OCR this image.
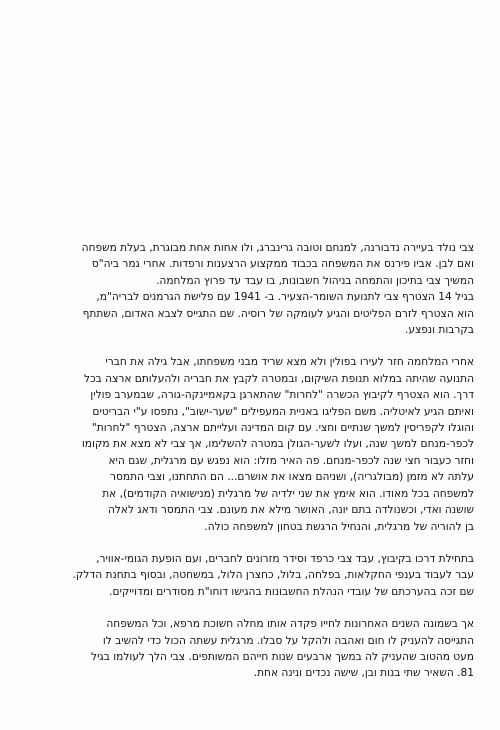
צבי נולד בעיירה נדבורנה, למנחם וטובה גרינברג, ולו אחות אחת מבוגרת, בעלת משפחה
ואם לבן. אביו פירנס את המשפחה בכבוד ממקצוע הרצענות ורפדות. אחרי גמר ביה"ס
המשיך צבי בתיכון והתמחה בניהול חשבונות, בו עבד עד פרוץ המלחמה.
בגיל 14 הצטרף צבי לתנועת השומר-הצעיר. ב- 1941 עם פלישת הגרמנים לבריה"מ,
הוא הצטרף לזרם הפליטים והגיע לעומקה של רוסיה. שם התגייס לצבא האדום, השתתף
בקרבות ונפצע.

אחרי המלחמה חזר לעירו בפולין ולא מצא שריד מבני משפחתו, אבל גילה את חברי
התנועה שהיתה במלוא תנופת השיקום, ובמטרה לקבץ את חבריה ולהעלותם ארצה בכל
דרך. הוא הצטרף לקיבוץ הכשרה "לחרות" שהתארגן בקאמיינקה-גורה, שבמערב פולין
ואיתם הגיע לאיטליה. משם הפליגו באניית המעפילים "שער-ישוב", נתפסו ע"י הבריטים
והוגלו לקפריסין למשך שנתיים וחצי. עם קום המדינה ועלייתם ארצה, הצטרף "לחרות"
לכפר-מנחם למשך שנה, ועלו לשער-הגולן במטרה להשלימו, אך צבי לא מצא את מקומו
וחזר כעבור חצי שנה לכפר-מנחם. פה האיר מזלו: הוא נפגש עם מרגלית, שגם היא
עלתה לא מזמן (מבולגריה), ושניהם מצאו את אושרם... הם התחתנו, וצבי התמסר
למשפחה בכל מאודו. הוא אימץ את שני ילדיה של מרגלית (מנישואיה הקודמים), את
שושנה ואדי, וכשנולדה בתם יונה, האושר מילא את מעונם. צבי התמסר ודאג לאלה
בן להוריה של מרגלית, והנחיל הרגשת בטחון למשפחה כולה.

בתחילת דרכו בקיבוץ, עבד צבי כרפד וסידר מזרונים לחברים, ועם הופעת הגומי-אוויר,
עבר לעבוד בענפי החקלאות, בפלחה, בלול, כחצרן הלול, במשחטה, ובסוף בתחנת הדלק.
שם זכה בהערכתם של עובדי הנהלת החשבונות בהגישו דוחו"ת מסודרים ומדוייקים.

אך בשמונה השנים האחרונות לחייו פקדה אותו מחלה חשוכת מרפא, וכל המשפחה
התגייסה להעניק לו חום ואהבה ולהקל על סבלו. מרגלית עשתה הכול כדי להשיב לו
מעט מהטוב שהעניק לה במשך ארבעים שנות חייהם המשותפים. צבי הלך לעולמו בגיל
81. השאיר שתי בנות ובן, שישה נכדים ונינה אחת.
